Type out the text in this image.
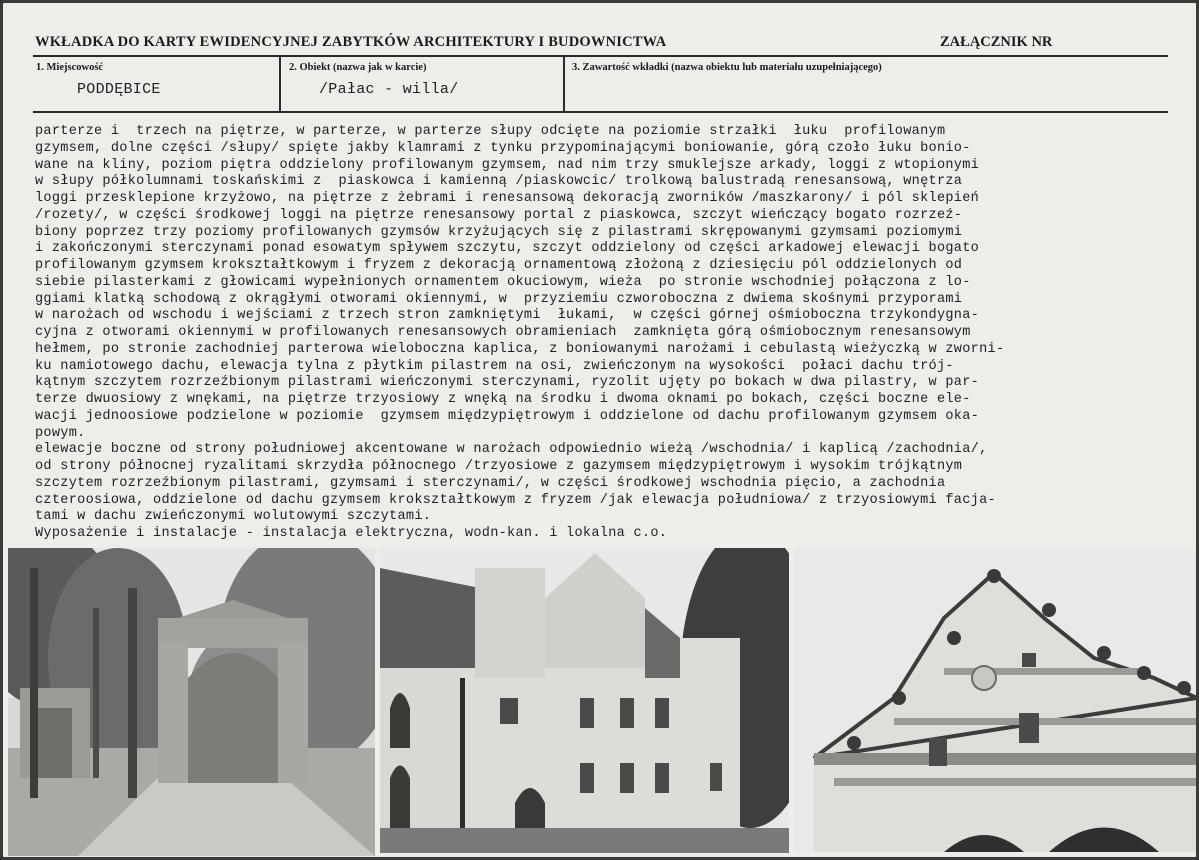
WKŁADKA DO KARTY EWIDENCYJNEJ ZABYTKÓW ARCHITEKTURY I BUDOWNICTWA	ZAŁĄCZNIK NR
1. Miejscowość
PODDĘBICE
2. Obiekt (nazwa jak w karcie)
/Pałac - willa/
3. Zawartość wkładki (nazwa obiektu lub materiału uzupełniającego)
parterze i  trzech na piętrze, w parterze, w parterze słupy odcięte na poziomie strzałki  łuku  profilowanym
gzymsem, dolne części /słupy/ spięte jakby klamrami z tynku przypominającymi boniowanie, górą czoło łuku bonio-
wane na kliny, poziom piętra oddzielony profilowanym gzymsem, nad nim trzy smuklejsze arkady, loggi z wtopionymi
w słupy półkolumnami toskańskimi z  piaskowca i kamienną /piaskowcic/ trolkową balustradą renesansową, wnętrza
loggi przesklepione krzyżowo, na piętrze z żebrami i renesansową dekoracją zworników /maszkarony/ i pól sklepień
/rozety/, w części środkowej loggi na piętrze renesansowy portal z piaskowca, szczyt wieńczący bogato rozrzeź-
biony poprzez trzy poziomy profilowanych gzymsów krzyżujących się z pilastrami skrępowanymi gzymsami poziomymi
i zakończonymi sterczynami ponad esowatym spływem szczytu, szczyt oddzielony od części arkadowej elewacji bogato
profilowanym gzymsem krokształtkowym i fryzem z dekoracją ornamentową złożoną z dziesięciu pól oddzielonych od
siebie pilasterkami z głowicami wypełnionych ornamentem okuciowym, wieża  po stronie wschodniej połączona z lo-
ggiami klatką schodową z okrągłymi otworami okiennymi, w  przyziemiu czworoboczna z dwiema skośnymi przyporami
w narożach od wschodu i wejściami z trzech stron zamkniętymi  łukami,  w części górnej ośmioboczna trzykondygna-
cyjna z otworami okiennymi w profilowanych renesansowych obramieniach  zamknięta górą ośmiobocznym renesansowym
hełmem, po stronie zachodniej parterowa wieloboczna kaplica, z boniowanymi narożami i cebulastą wieżyczką w zworni-
ku namiotowego dachu, elewacja tylna z płytkim pilastrem na osi, zwieńczonym na wysokości  połaci dachu trój-
kątnym szczytem rozrzeźbionym pilastrami wieńczonymi sterczynami, ryzolit ujęty po bokach w dwa pilastry, w par-
terze dwuosiowy z wnękami, na piętrze trzyosiowy z wnęką na środku i dwoma oknami po bokach, części boczne ele-
wacji jednoosiowe podzielone w poziomie  gzymsem międzypiętrowym i oddzielone od dachu profilowanym gzymsem oka-
powym.
elewacje boczne od strony południowej akcentowane w narożach odpowiednio wieżą /wschodnia/ i kaplicą /zachodnia/,
od strony północnej ryzalitami skrzydła północnego /trzyosiowe z gazymsem międzypiętrowym i wysokim trójkątnym
szczytem rozrzeźbionym pilastrami, gzymsami i sterczynami/, w części środkowej wschodnia pięcio, a zachodnia
czteroosiowa, oddzielone od dachu gzymsem krokształtkowym z fryzem /jak elewacja południowa/ z trzyosiowymi facja-
tami w dachu zwieńczonymi wolutowymi szczytami.
Wyposażenie i instalacje - instalacja elektryczna, wodn-kan. i lokalna c.o.
